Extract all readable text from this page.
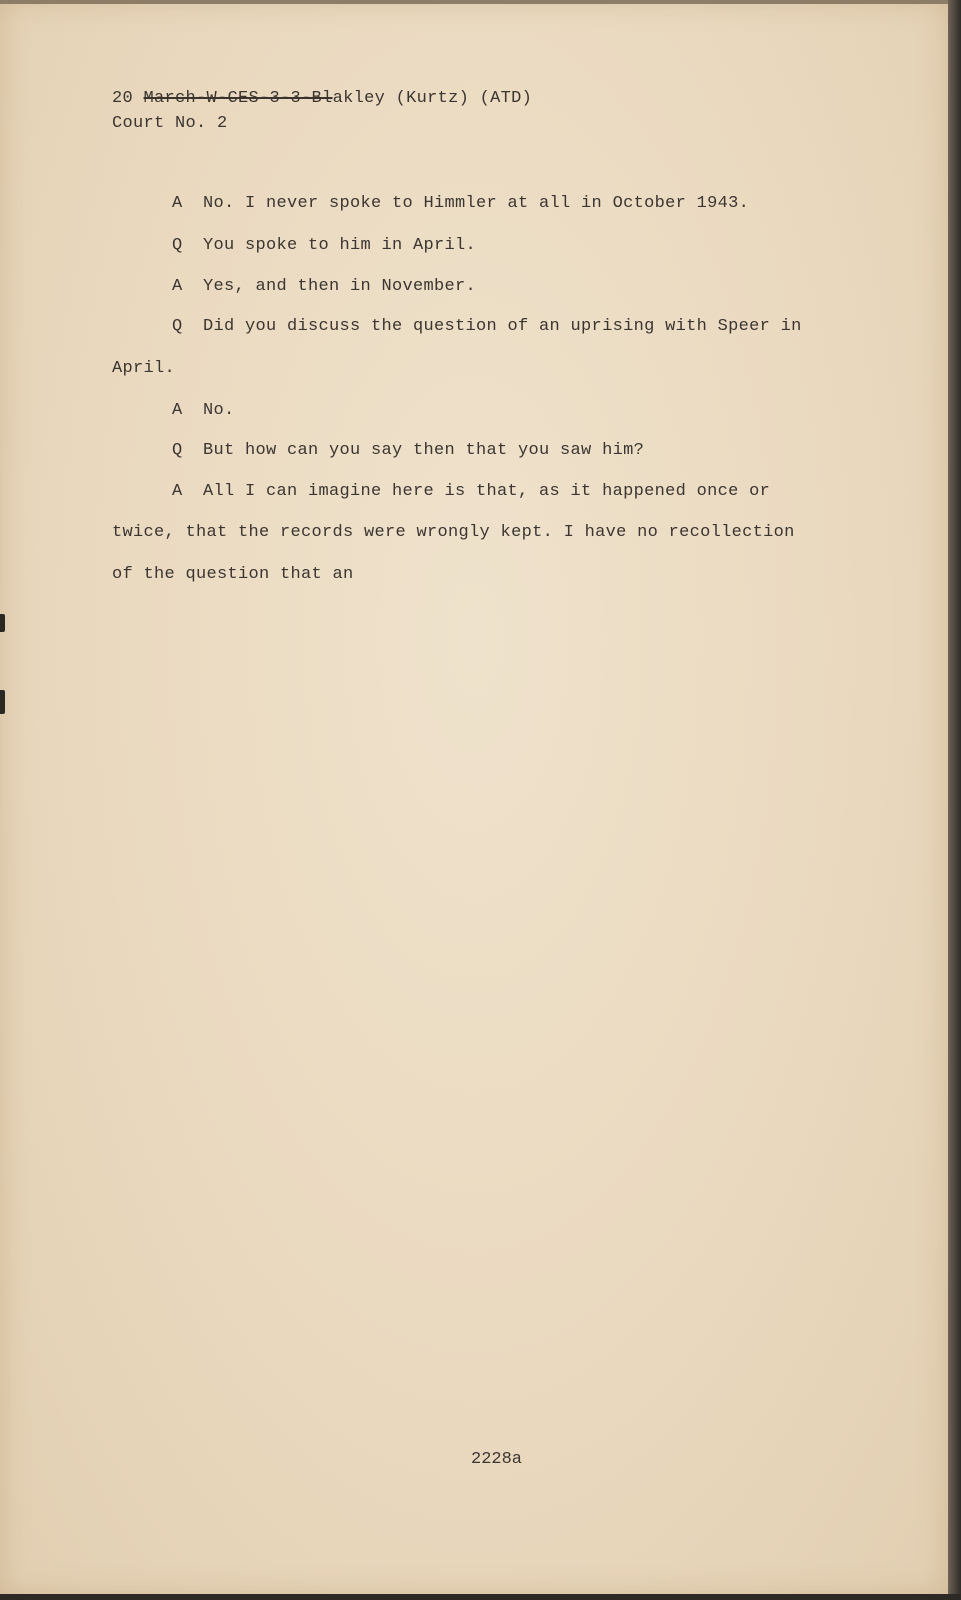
20 March-W-CES-3-3-Blakley (Kurtz) (ATD)

Court No. 2

A No. I never spoke to Himmler at all in October 1943.
Q You spoke to him in April.
A Yes, and then in November.
Q Did you discuss the question of an uprising with Speer in
April.
A No.
Q But how can you say then that you saw him?
A All I can imagine here is that, as it happened once or
twice, that the records were wrongly kept. I have no recollection
of the question that an
2228a
